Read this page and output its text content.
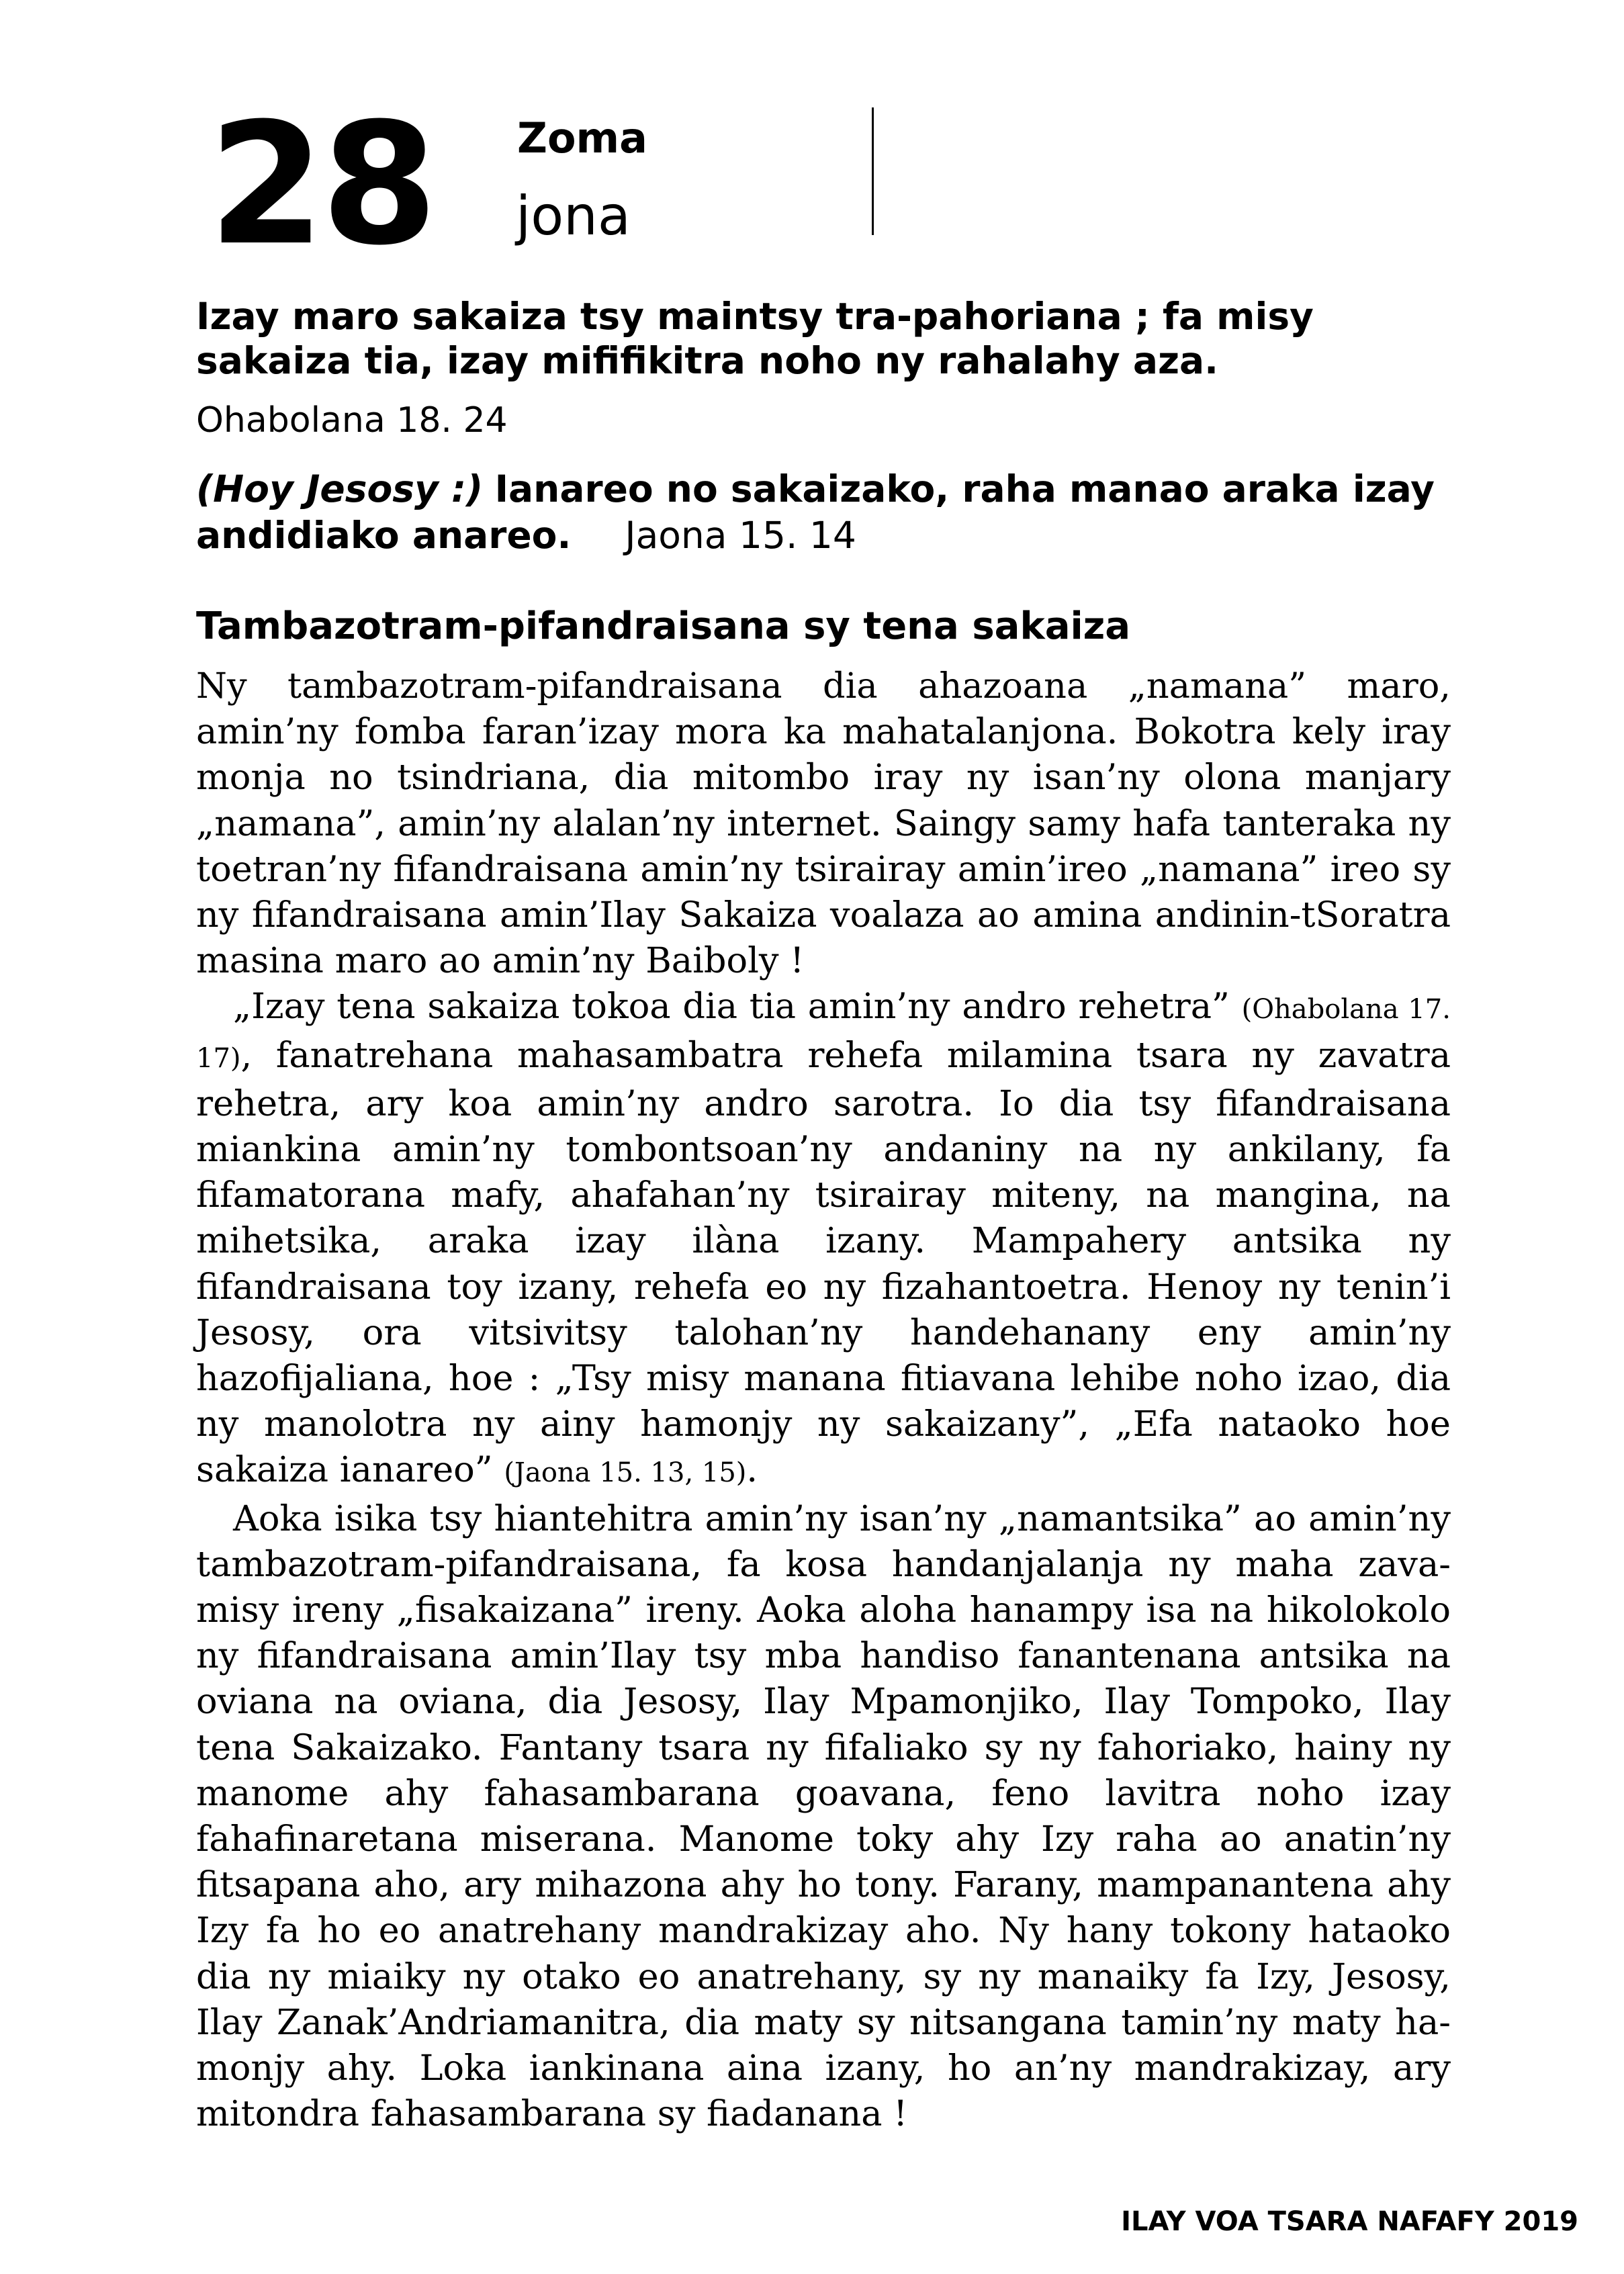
28 Zoma
jona

Izay maro sakaiza tsy maintsy tra-pahoriana ; fa misy sakaiza tia, izay mififikitra noho ny rahalahy aza.

Ohabolana 18. 24

(Hoy Jesosy :) Ianareo no sakaizako, raha manao araka izay andidiako anareo. Jaona 15. 14

Tambazotram-pifandraisana sy tena sakaiza

Ny tambazotram-pifandraisana dia ahazoana „namana” maro, amin’ny fomba faran’izay mora ka mahatalanjona. Bokotra kely iray monja no tsindriana, dia mitombo iray ny isan’ny olona manjary „namana”, amin’ny alalan’ny internet. Saingy samy hafa tanteraka ny toetran’ny fifandraisana amin’ny tsirairay amin’ireo „namana” ireo sy ny fifandraisana amin’Ilay Sakaiza voalaza ao amina andinin-tSoratra masina maro ao amin’ny Baiboly !

„Izay tena sakaiza tokoa dia tia amin’ny andro rehetra” (Ohabolana 17. 17), fanatrehana mahasambatra rehefa milamina tsara ny zavatra rehetra, ary koa amin’ny andro sarotra. Io dia tsy fifandraisana miankina amin’ny tombontsoan’ny andaniny na ny ankilany, fa fifamatorana mafy, ahafahan’ny tsirairay miteny, na mangina, na mihetsika, araka izay ilàna izany. Mampahery antsika ny fifandraisana toy izany, rehefa eo ny fizahantoetra. Henoy ny tenin’i Jesosy, ora vitsivitsy talohan’ny handehanany eny amin’ny hazofijaliana, hoe : „Tsy misy manana fitiavana lehibe noho izao, dia ny manolotra ny ainy hamonjy ny sakaizany”, „Efa nataoko hoe sakaiza ianareo” (Jaona 15. 13, 15).

Aoka isika tsy hiantehitra amin’ny isan’ny „namantsika” ao amin’ny tambazotram-pifandraisana, fa kosa handanjalanja ny maha zava-misy ireny „fisakaizana” ireny. Aoka aloha hanampy isa na hikolokolo ny fifandraisana amin’Ilay tsy mba handiso fanantenana antsika na oviana na oviana, dia Jesosy, Ilay Mpamonjiko, Ilay Tompoko, Ilay tena Sakaizako. Fantany tsara ny fifaliako sy ny fahoriako, hainy ny manome ahy fahasambarana goavana, feno lavitra noho izay fahafinaretana miserana. Manome toky ahy Izy raha ao anatin’ny fitsapana aho, ary mihazona ahy ho tony. Farany, mampanantena ahy Izy fa ho eo anatrehany mandrakizay aho. Ny hany tokony hataoko dia ny miaiky ny otako eo anatrehany, sy ny manaiky fa Izy, Jesosy, Ilay Zanak’Andriamanitra, dia maty sy nitsangana tamin’ny maty hamonjy ahy. Loka iankinana aina izany, ho an’ny mandrakizay, ary mitondra fahasambarana sy fiadanana !

ILAY VOA TSARA NAFAFY 2019
